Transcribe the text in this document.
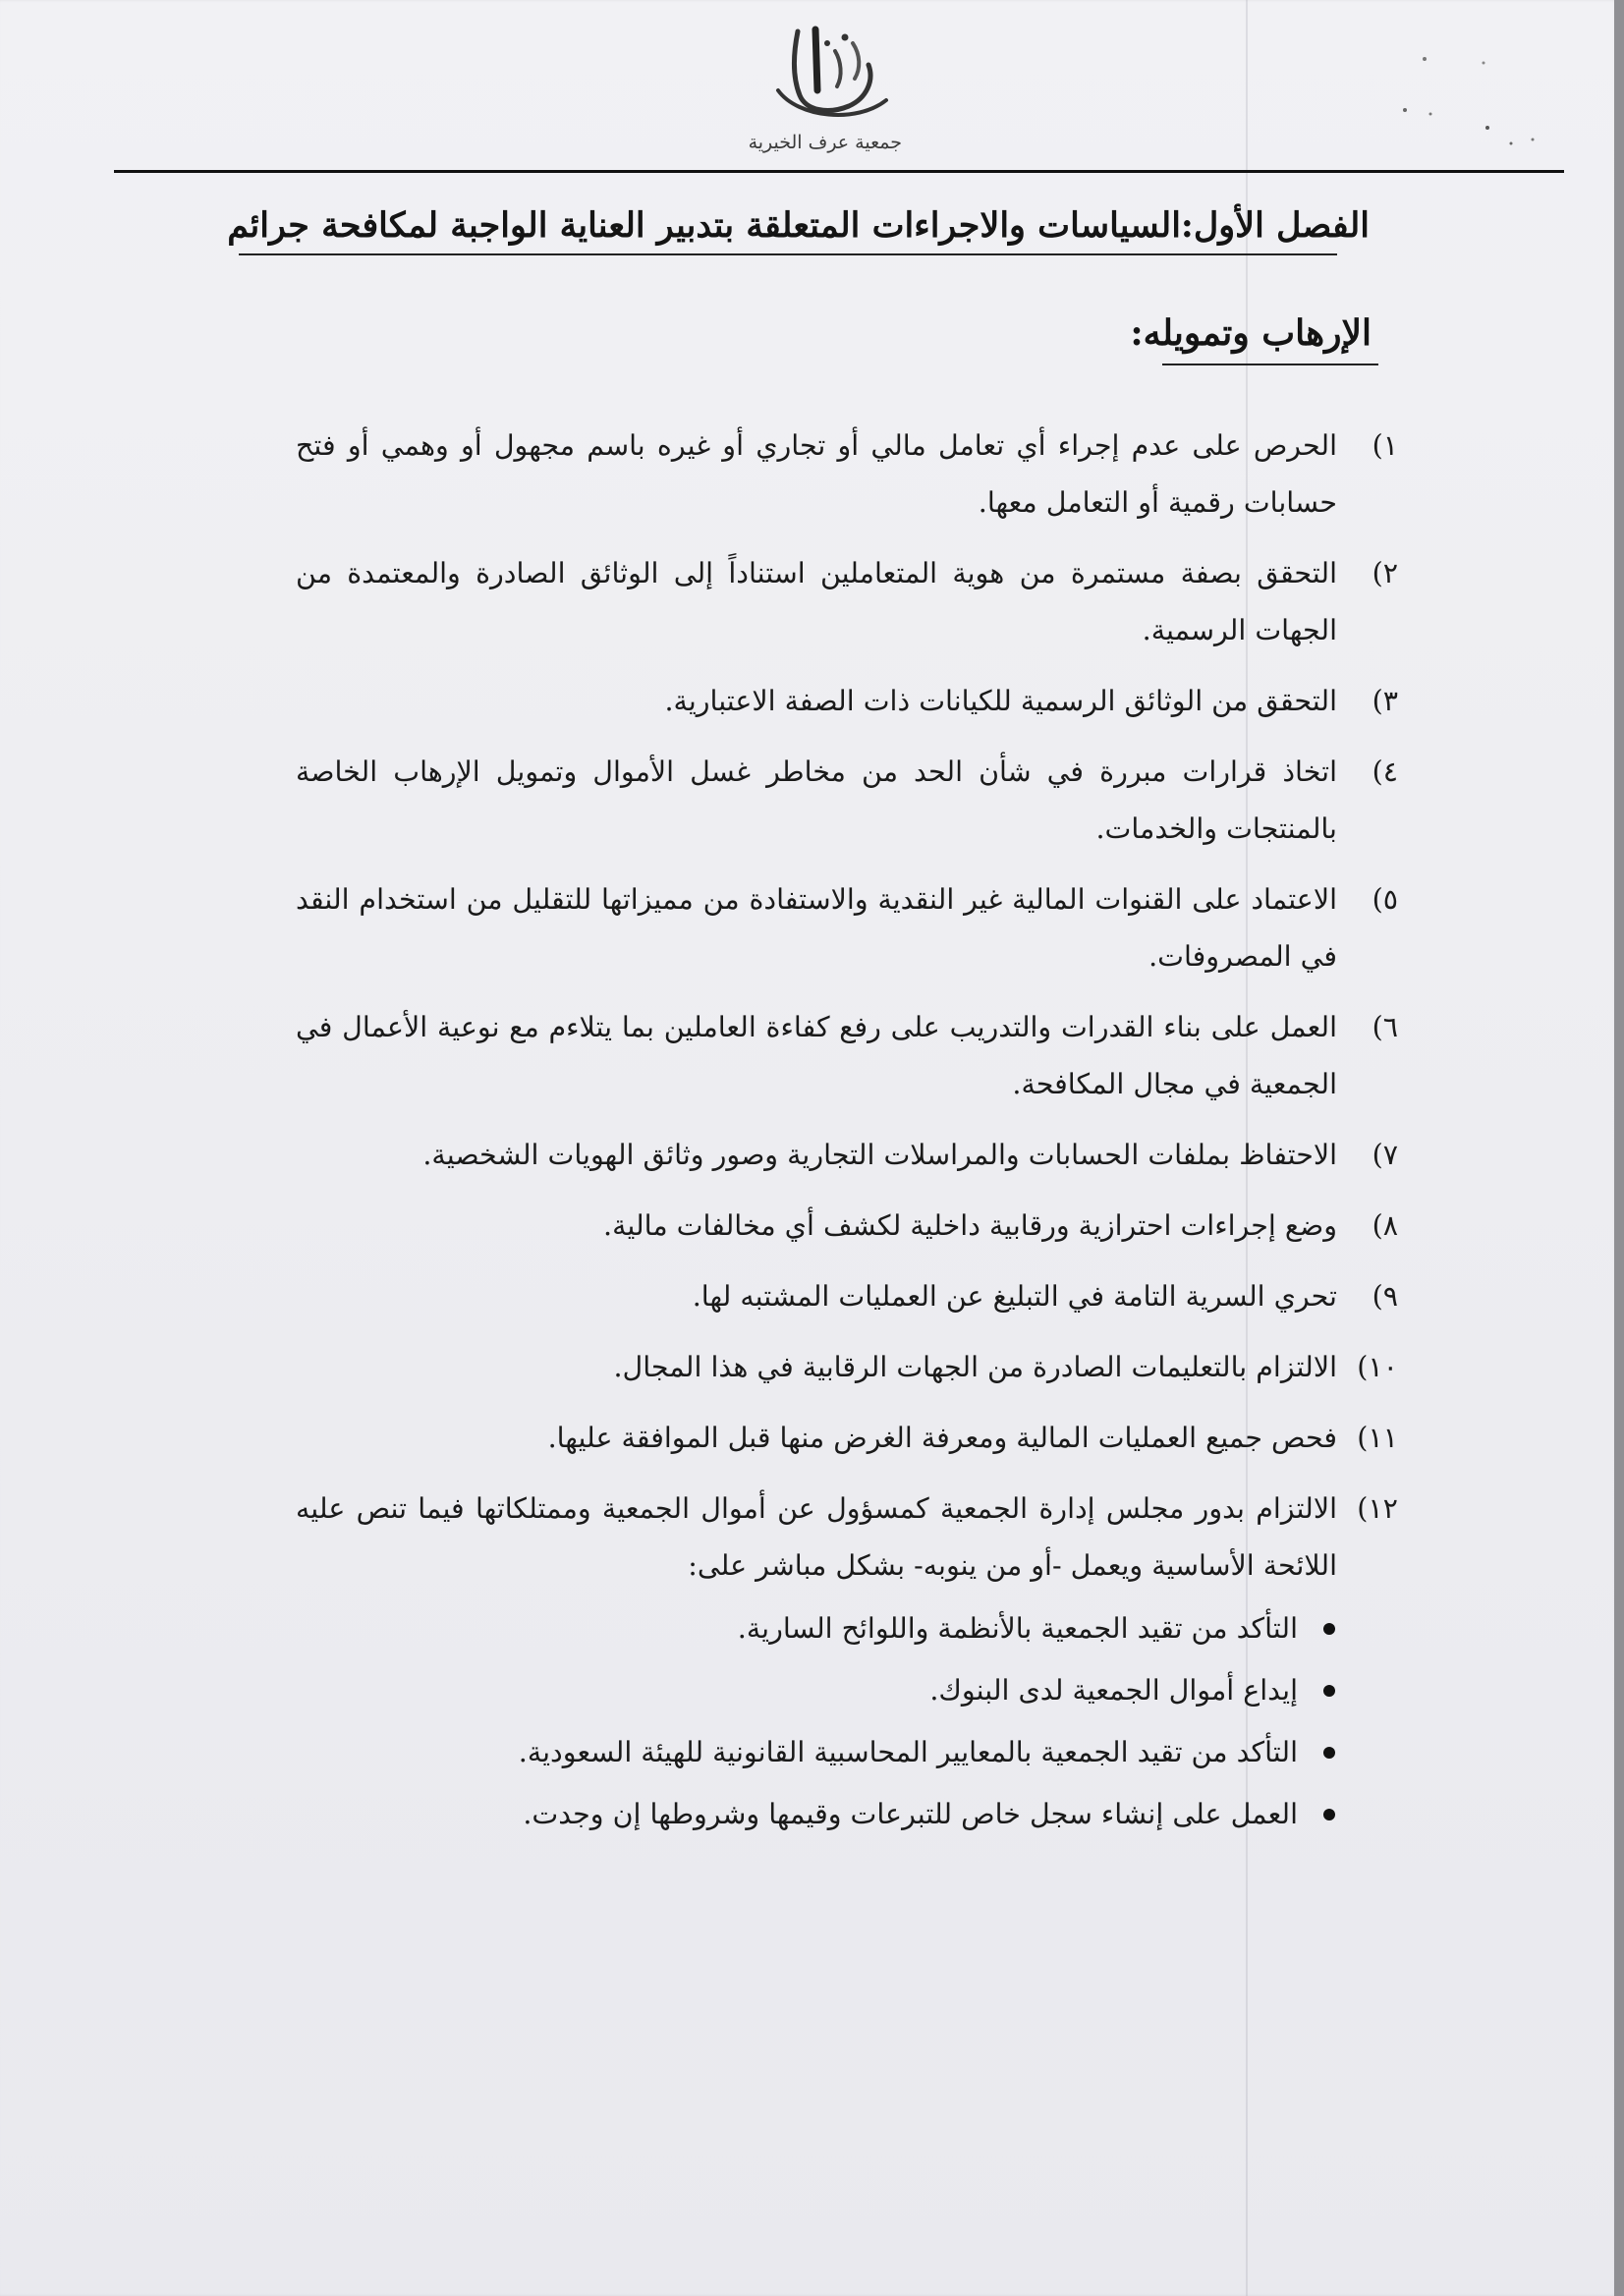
جمعية عرف الخيرية
الفصل الأول:السياسات والاجراءات المتعلقة بتدبير العناية الواجبة لمكافحة جرائم
الإرهاب وتمويله:
١)
الحرص على عدم إجراء أي تعامل مالي أو تجاري أو غيره باسم مجهول أو وهمي أو فتح حسابات رقمية أو التعامل معها.
٢)
التحقق بصفة مستمرة من هوية المتعاملين استناداً إلى الوثائق الصادرة والمعتمدة من الجهات الرسمية.
٣)
التحقق من الوثائق الرسمية للكيانات ذات الصفة الاعتبارية.
٤)
اتخاذ قرارات مبررة في شأن الحد من مخاطر غسل الأموال وتمويل الإرهاب الخاصة بالمنتجات والخدمات.
٥)
الاعتماد على القنوات المالية غير النقدية والاستفادة من مميزاتها للتقليل من استخدام النقد في المصروفات.
٦)
العمل على بناء القدرات والتدريب على رفع كفاءة العاملين بما يتلاءم مع نوعية الأعمال في الجمعية في مجال المكافحة.
٧)
الاحتفاظ بملفات الحسابات والمراسلات التجارية وصور وثائق الهويات الشخصية.
٨)
وضع إجراءات احترازية ورقابية داخلية لكشف أي مخالفات مالية.
٩)
تحري السرية التامة في التبليغ عن العمليات المشتبه لها.
١٠)
الالتزام بالتعليمات الصادرة من الجهات الرقابية في هذا المجال.
١١)
فحص جميع العمليات المالية ومعرفة الغرض منها قبل الموافقة عليها.
١٢)
الالتزام بدور مجلس إدارة الجمعية كمسؤول عن أموال الجمعية وممتلكاتها فيما تنص عليه اللائحة الأساسية ويعمل -أو من ينوبه- بشكل مباشر على:
التأكد من تقيد الجمعية بالأنظمة واللوائح السارية.
إيداع أموال الجمعية لدى البنوك.
التأكد من تقيد الجمعية بالمعايير المحاسبية القانونية للهيئة السعودية.
العمل على إنشاء سجل خاص للتبرعات وقيمها وشروطها إن وجدت.
